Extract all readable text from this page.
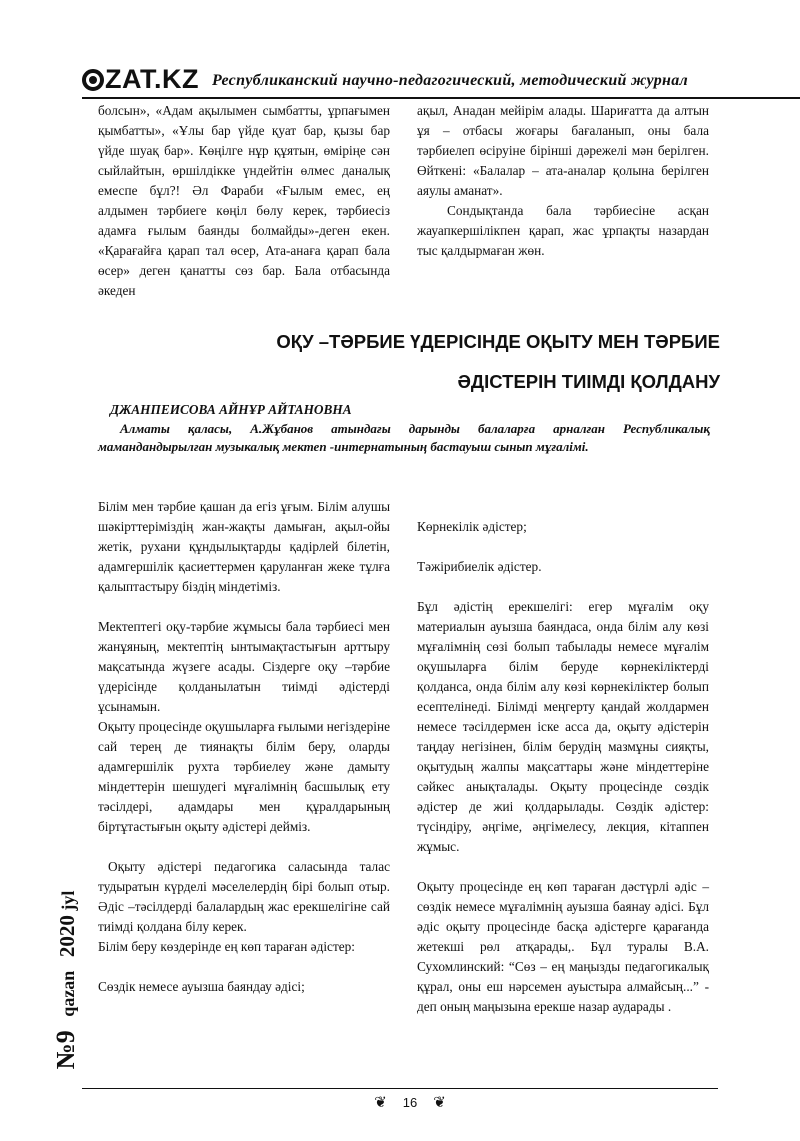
ZAT.KZ Республиканский научно-педагогический, методический журнал

болсын», «Адам ақылымен сымбатты, ұрпағымен қымбатты», «Ұлы бар үйде қуат бар, қызы бар үйде шуақ бар». Көңілге нұр құятын, өміріңе сән сыйлайтын, өршілдікке үндейтін өлмес даналық емеспе бұл?! Әл Фараби «Ғылым емес, ең алдымен тәрбиеге көңіл бөлу керек, тәрбиесіз адамға ғылым баянды болмайды»-деген екен. «Қарағайға қарап тал өсер, Ата-анаға қарап бала өсер» деген қанатты сөз бар. Бала отбасында әкеден

ақыл, Анадан мейірім алады. Шариғатта да алтын ұя – отбасы жоғары бағаланып, оны бала тәрбиелеп өсіруіне бірінші дәрежелі мән берілген. Өйткені: «Балалар – ата-аналар қолына берілген аяулы аманат».

Сондықтанда бала тәрбиесіне асқан жауапкершілікпен қарап, жас ұрпақты назардан тыс қалдырмаған жөн.

ОҚУ –ТӘРБИЕ ҮДЕРІСІНДЕ ОҚЫТУ МЕН ТӘРБИЕ
ӘДІСТЕРІН ТИІМДІ ҚОЛДАНУ
ДЖАНПЕИСОВА АЙНҰР АЙТАНОВНА
Алматы қаласы, А.Жұбанов атындағы дарынды балаларға арналған Республикалық мамандандырылған музыкалық мектеп -интернатының бастауыш сынып мұғалімі.

Білім мен тәрбие қашан да егіз ұғым. Білім алушы шәкірттеріміздің жан-жақты дамыған, ақыл-ойы жетік, рухани құндылықтарды қадірлей білетін, адамгершілік қасиеттермен қаруланған жеке тұлға қалыптастыру біздің міндетіміз.

Мектептегі оқу-тәрбие жұмысы бала тәрбиесі мен жанұяның, мектептің ынтымақтастығын арттыру мақсатында жүзеге асады. Сіздерге оқу –тәрбие үдерісінде қолданылатын тиімді әдістерді ұсынамын.

Оқыту процесінде оқушыларға ғылыми негіздеріне сай терең де тиянақты білім беру, оларды адамгершілік рухта тәрбиелеу және дамыту міндеттерін шешудегі мұғалімнің басшылық ету тәсілдері, адамдары мен құралдарының біртұтастығын оқыту әдістері дейміз.

Оқыту әдістері педагогика саласында талас тудыратын күрделі мәселелердің бірі болып отыр. Әдіс –тәсілдерді балалардың жас ерекшелігіне сай тиімді қолдана білу керек.

Білім беру көздерінде ең көп тараған әдістер:

Сөздік немесе ауызша баяндау әдісі;

Көрнекілік әдістер;

Тәжірибиелік әдістер.

Бұл әдістің ерекшелігі: егер мұғалім оқу материалын ауызша баяндаса, онда білім алу көзі мұғалімнің сөзі болып табылады немесе мұғалім оқушыларға білім беруде көрнекіліктерді қолданса, онда білім алу көзі көрнекіліктер болып есептелінеді. Білімді меңгерту қандай жолдармен немесе тәсілдермен іске асса да, оқыту әдістерін таңдау негізінен, білім берудің мазмұны сияқты, оқытудың жалпы мақсаттары және міндеттеріне сәйкес анықталады. Оқыту процесінде сөздік әдістер де жиі қолдарылады. Сөздік әдістер: түсіндіру, әңгіме, әңгімелесу, лекция, кітаппен жұмыс.

Оқыту процесінде ең көп тараған дәстүрлі әдіс – сөздік немесе мұғалімнің ауызша баянау әдісі. Бұл әдіс оқыту процесінде басқа әдістерге қарағанда жетекші рөл атқарады,. Бұл туралы В.А. Сухомлинский: “Сөз – ең маңызды педагогикалық құрал, оны еш нәрсемен ауыстыра алмайсың...” - деп оның маңызына ерекше назар аударады .

№9   qazan   2020 jyl
❦ 16 ❦
